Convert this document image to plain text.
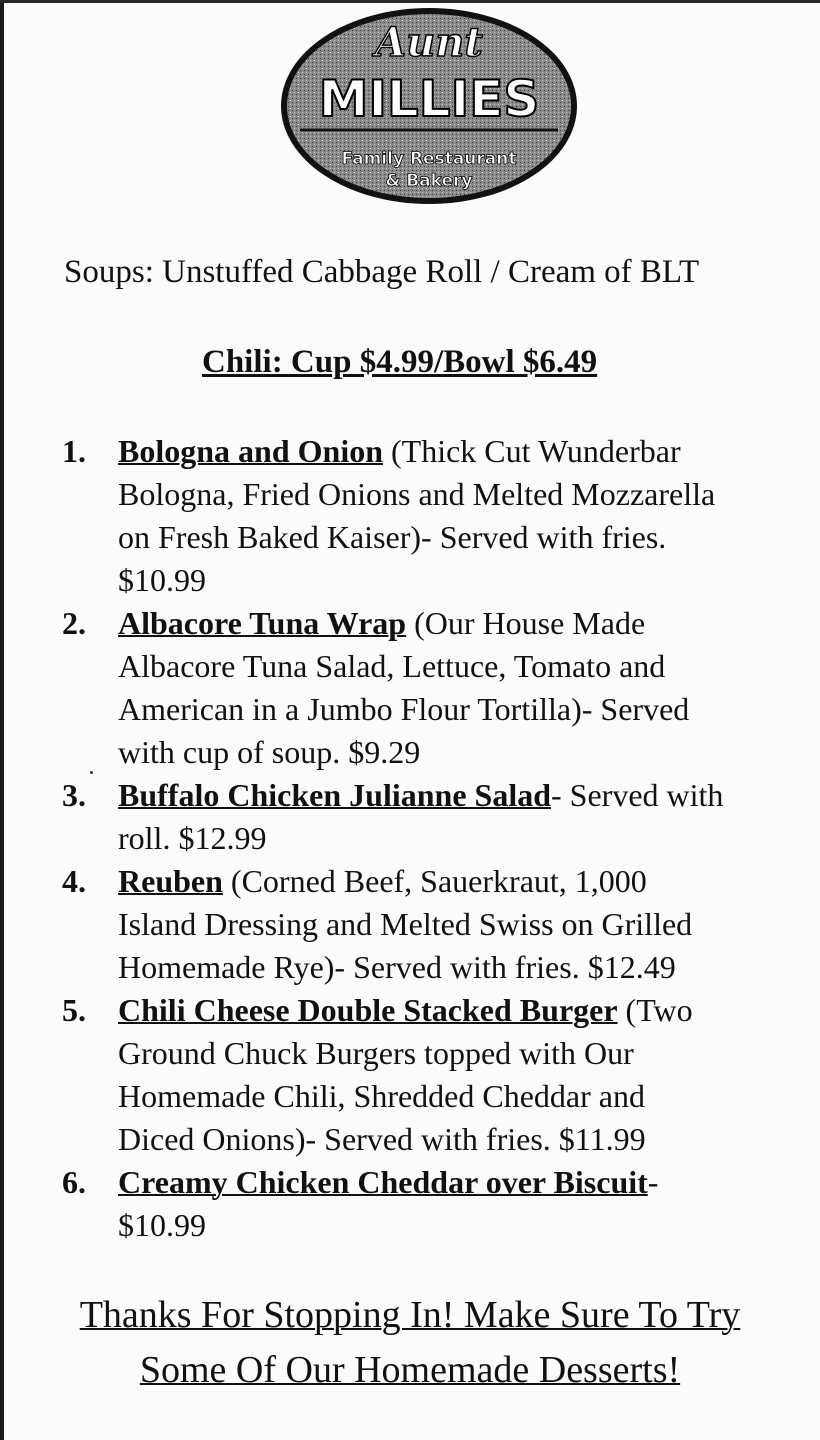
Aunt
MILLIES
Family Restaurant
& Bakery
Soups: Unstuffed Cabbage Roll / Cream of BLT
Chili: Cup $4.99/Bowl $6.49
1. Bologna and Onion (Thick Cut Wunderbar
Bologna, Fried Onions and Melted Mozzarella
on Fresh Baked Kaiser)- Served with fries.
$10.99
2. Albacore Tuna Wrap (Our House Made
Albacore Tuna Salad, Lettuce, Tomato and
American in a Jumbo Flour Tortilla)- Served
with cup of soup. $9.29
3. Buffalo Chicken Julianne Salad- Served with
roll. $12.99
4. Reuben (Corned Beef, Sauerkraut, 1,000
Island Dressing and Melted Swiss on Grilled
Homemade Rye)- Served with fries. $12.49
5. Chili Cheese Double Stacked Burger (Two
Ground Chuck Burgers topped with Our
Homemade Chili, Shredded Cheddar and
Diced Onions)- Served with fries. $11.99
6. Creamy Chicken Cheddar over Biscuit-
$10.99
Thanks For Stopping In! Make Sure To Try
Some Of Our Homemade Desserts!
